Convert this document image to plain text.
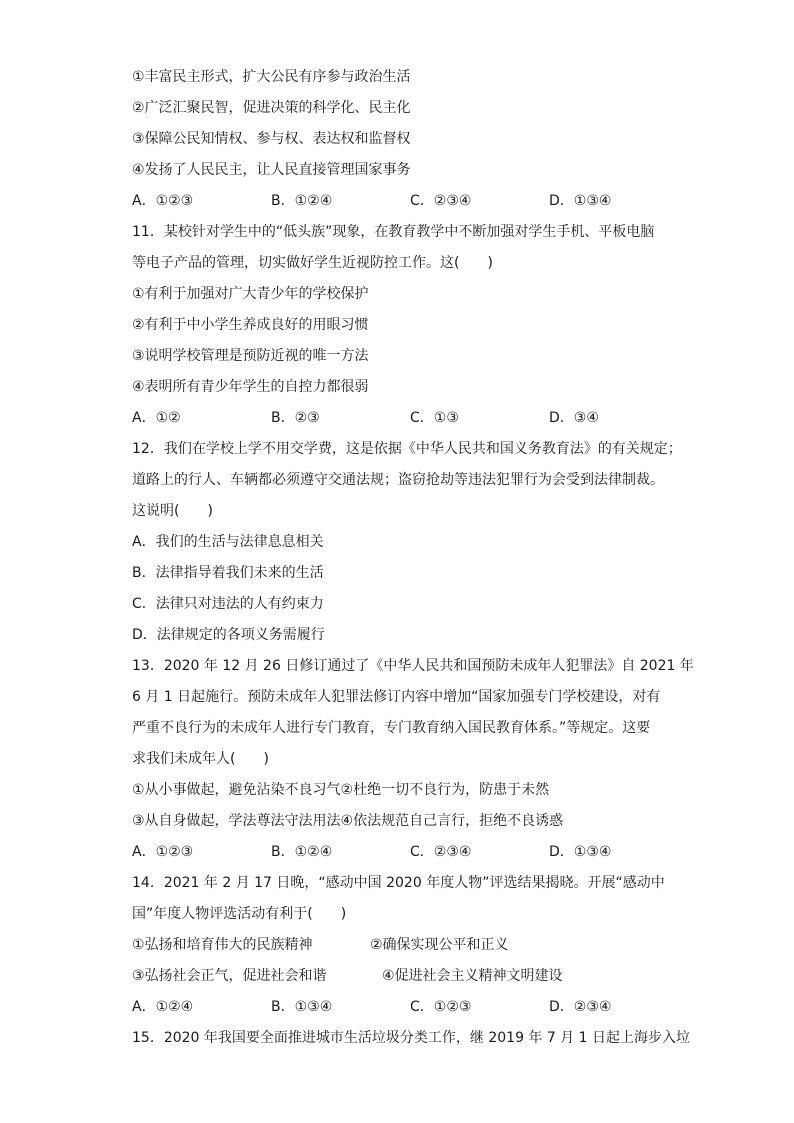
①丰富民主形式，扩大公民有序参与政治生活
②广泛汇聚民智，促进决策的科学化、民主化
③保障公民知情权、参与权、表达权和监督权
④发扬了人民民主，让人民直接管理国家事务
A．①②③	B．①②④	C．②③④	D．①③④
11．某校针对学生中的“低头族”现象，在教育教学中不断加强对学生手机、平板电脑
等电子产品的管理，切实做好学生近视防控工作。这(　　)
①有利于加强对广大青少年的学校保护
②有利于中小学生养成良好的用眼习惯
③说明学校管理是预防近视的唯一方法
④表明所有青少年学生的自控力都很弱
A．①②	B．②③	C．①③	D．③④
12．我们在学校上学不用交学费，这是依据《中华人民共和国义务教育法》的有关规定；
道路上的行人、车辆都必须遵守交通法规；盗窃抢劫等违法犯罪行为会受到法律制裁。
这说明(　　)
A．我们的生活与法律息息相关
B．法律指导着我们未来的生活
C．法律只对违法的人有约束力
D．法律规定的各项义务需履行
13．2020 年 12 月 26 日修订通过了《中华人民共和国预防未成年人犯罪法》自 2021 年
6 月 1 日起施行。预防未成年人犯罪法修订内容中增加“国家加强专门学校建设，对有
严重不良行为的未成年人进行专门教育，专门教育纳入国民教育体系。”等规定。这要
求我们未成年人(　　)
①从小事做起，避免沾染不良习气②杜绝一切不良行为，防患于未然
③从自身做起，学法尊法守法用法④依法规范自己言行，拒绝不良诱惑
A．①②③	B．①②④	C．②③④	D．①③④
14．2021 年 2 月 17 日晚，“感动中国 2020 年度人物”评选结果揭晓。开展“感动中
国”年度人物评选活动有利于(　　)
①弘扬和培育伟大的民族精神	②确保实现公平和正义
③弘扬社会正气，促进社会和谐	④促进社会主义精神文明建设
A．①②④	B．①③④	C．①②③	D．②③④
15．2020 年我国要全面推进城市生活垃圾分类工作，继 2019 年 7 月 1 日起上海步入垃
